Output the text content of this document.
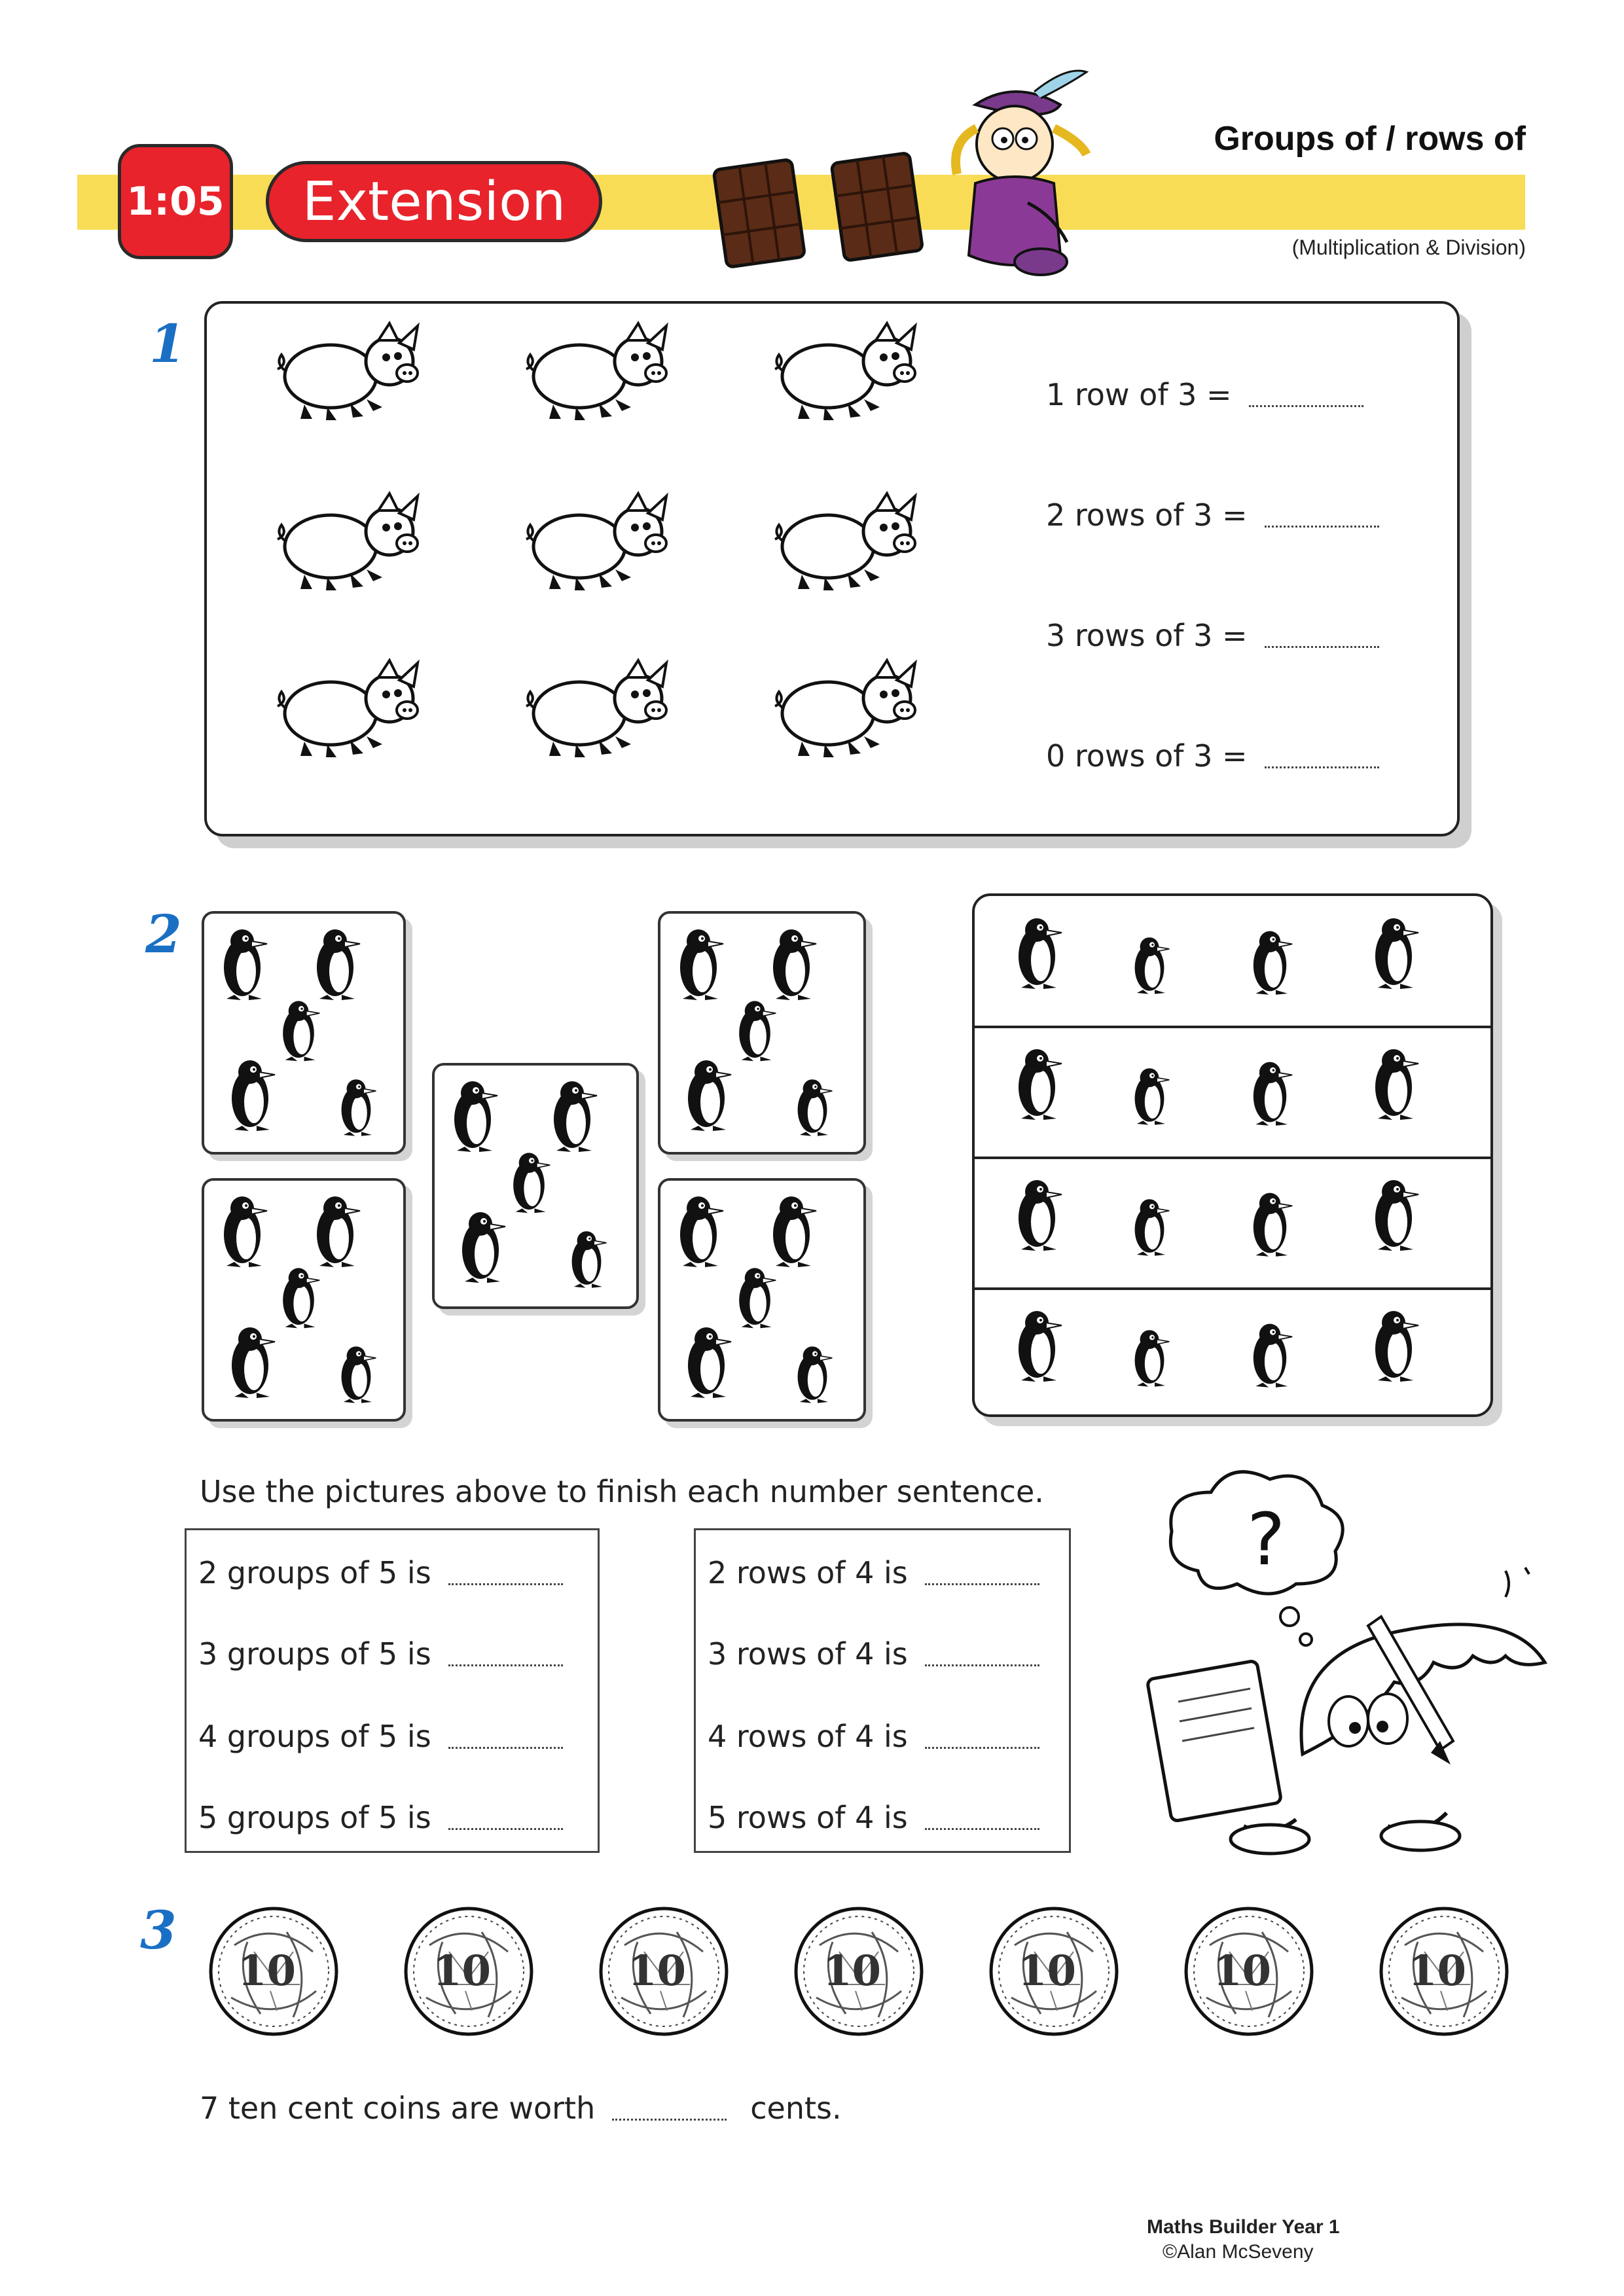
1:05	Extension
Groups of / rows of
(Multiplication & Division)
1
1 row of 3 =
2 rows of 3 =
3 rows of 3 =
0 rows of 3 =
2
Use the pictures above to finish each number sentence.
2 groups of 5 is
3 groups of 5 is
4 groups of 5 is
5 groups of 5 is
2 rows of 4 is
3 rows of 4 is
4 rows of 4 is
5 rows of 4 is
?
3
10	10	10	10	10	10	10
7 ten cent coins are worth	cents.
Maths Builder Year 1
©Alan McSeveny
